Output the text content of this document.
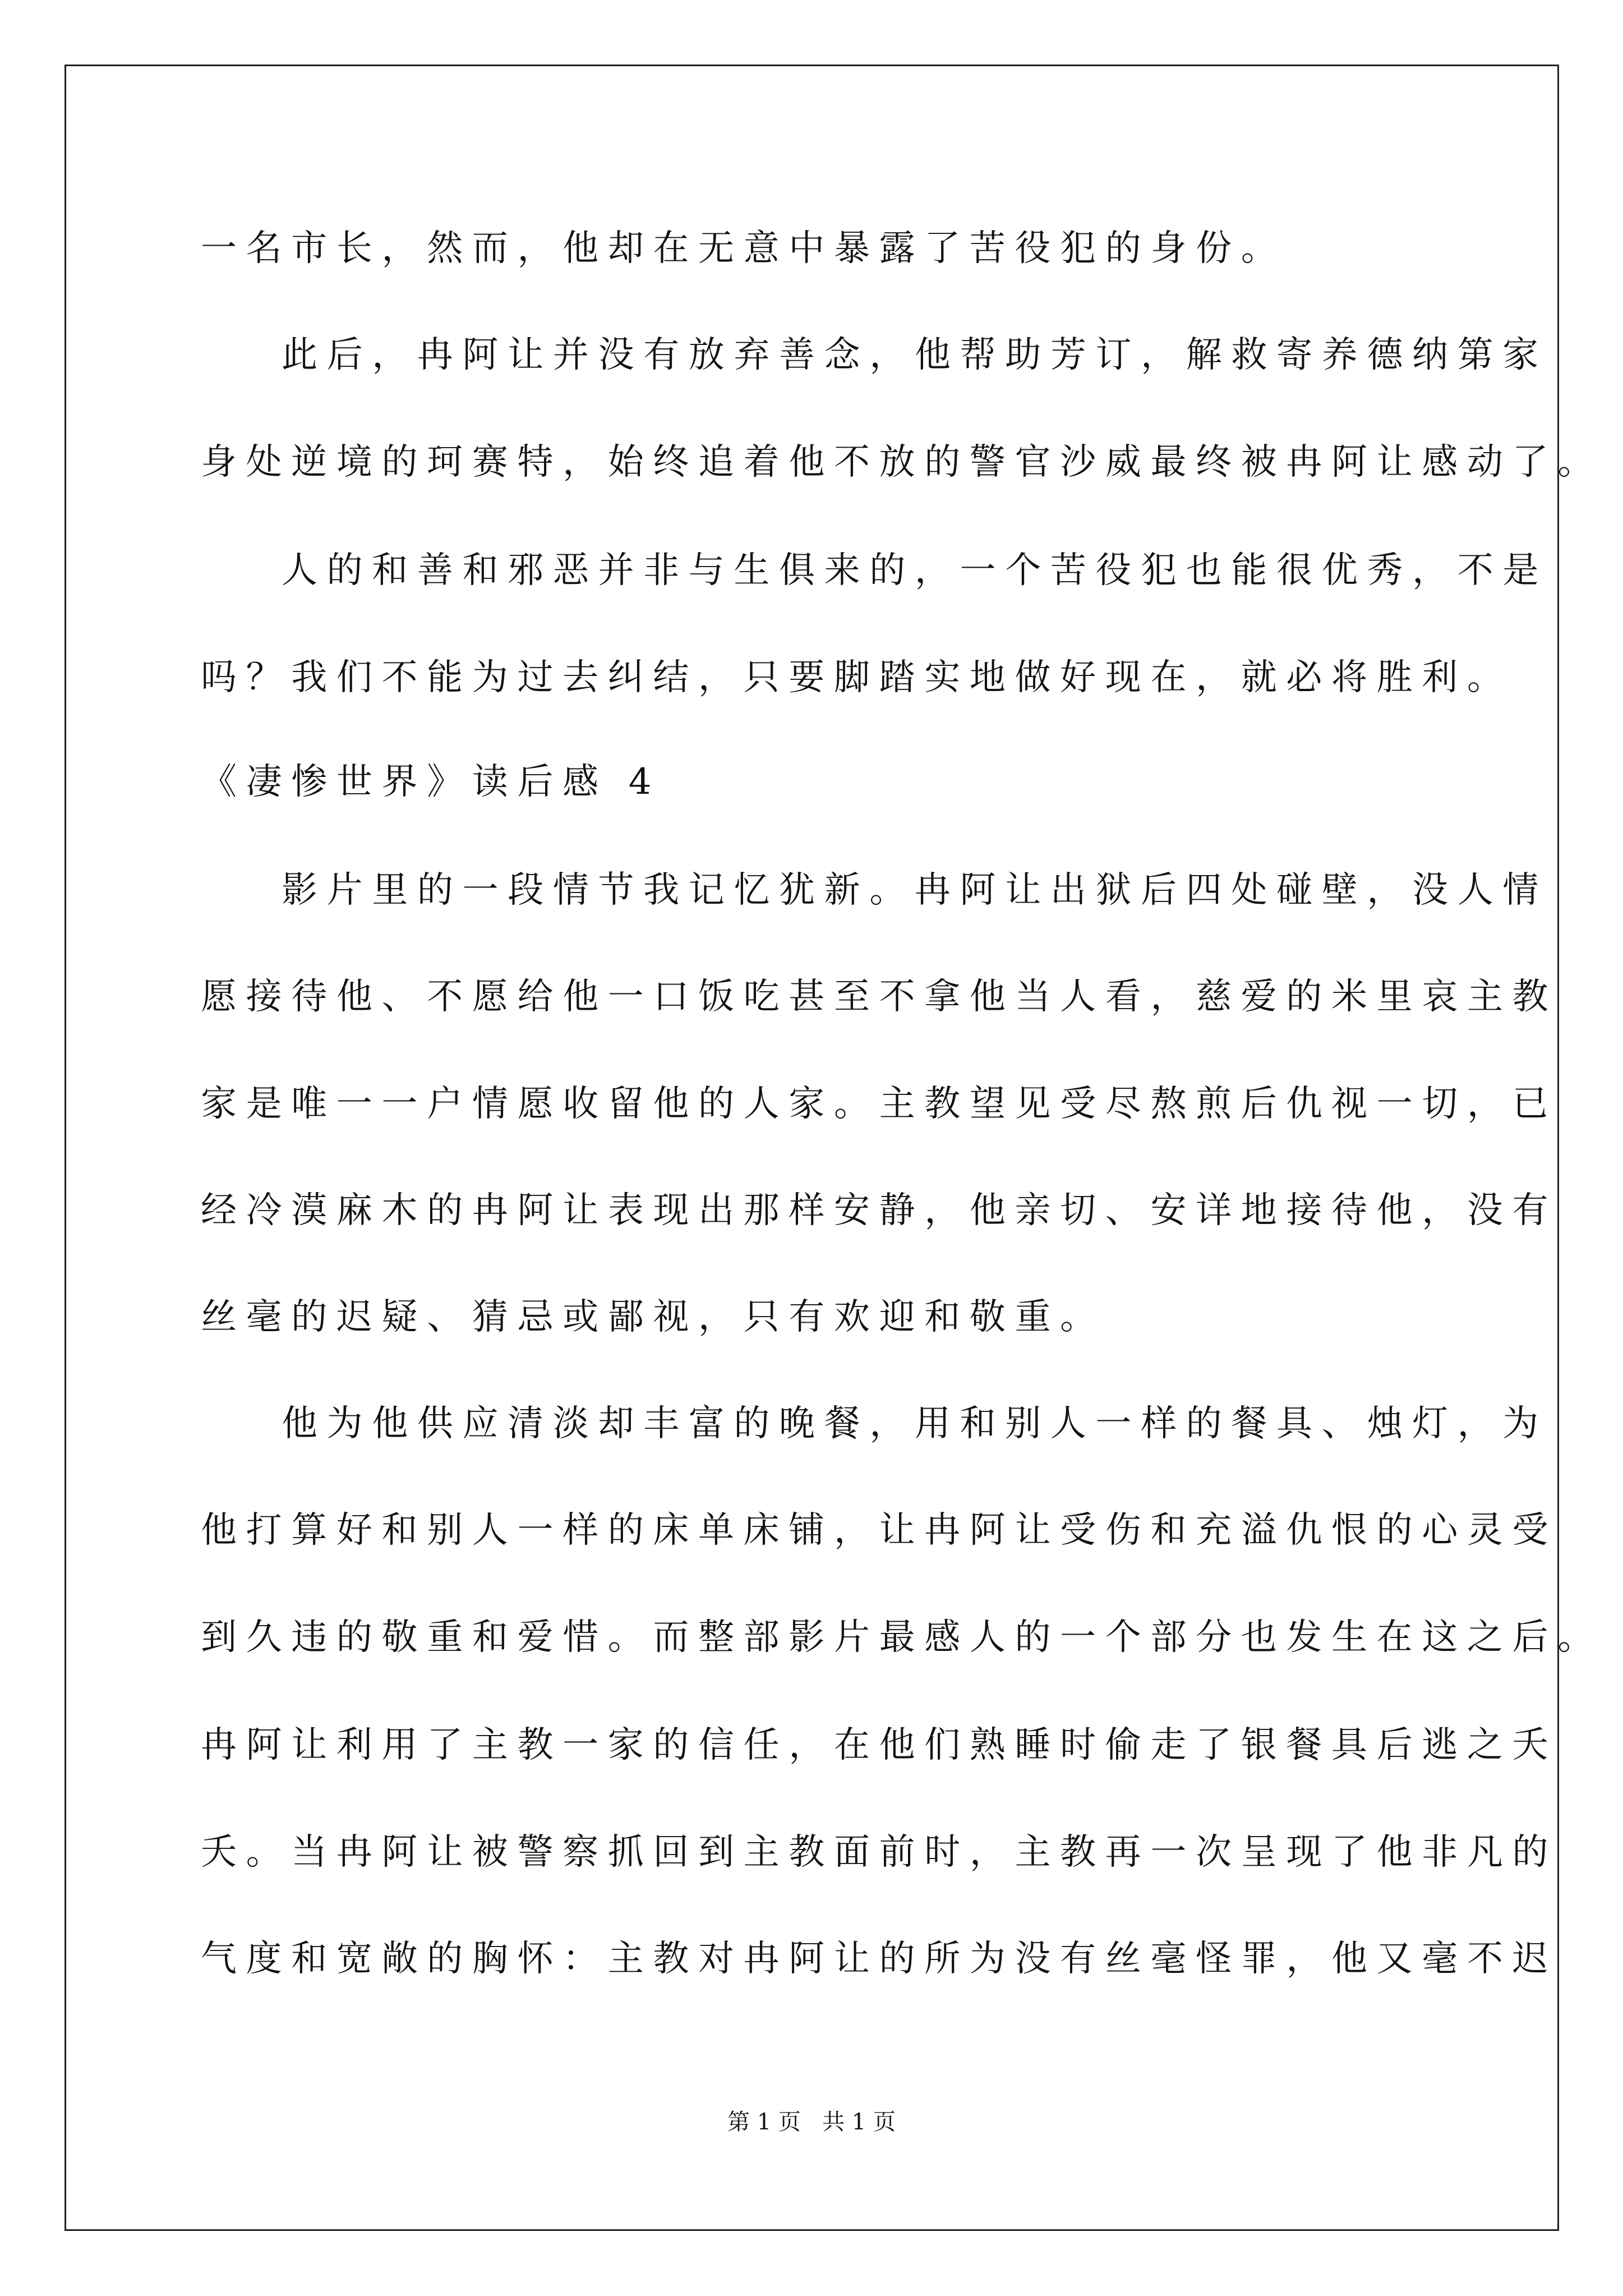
一名市长，然而，他却在无意中暴露了苦役犯的身份。
此后，冉阿让并没有放弃善念，他帮助芳订，解救寄养德纳第家
身处逆境的珂赛特，始终追着他不放的警官沙威最终被冉阿让感动了。
人的和善和邪恶并非与生俱来的，一个苦役犯也能很优秀，不是
吗？我们不能为过去纠结，只要脚踏实地做好现在，就必将胜利。
《凄惨世界》读后感 4
影片里的一段情节我记忆犹新。冉阿让出狱后四处碰壁，没人情
愿接待他、不愿给他一口饭吃甚至不拿他当人看，慈爱的米里哀主教
家是唯一一户情愿收留他的人家。主教望见受尽熬煎后仇视一切，已
经冷漠麻木的冉阿让表现出那样安静，他亲切、安详地接待他，没有
丝毫的迟疑、猜忌或鄙视，只有欢迎和敬重。
他为他供应清淡却丰富的晚餐，用和别人一样的餐具、烛灯，为
他打算好和别人一样的床单床铺，让冉阿让受伤和充溢仇恨的心灵受
到久违的敬重和爱惜。而整部影片最感人的一个部分也发生在这之后。
冉阿让利用了主教一家的信任，在他们熟睡时偷走了银餐具后逃之夭
夭。当冉阿让被警察抓回到主教面前时，主教再一次呈现了他非凡的
气度和宽敞的胸怀：主教对冉阿让的所为没有丝毫怪罪，他又毫不迟
第 1 页   共 1 页
